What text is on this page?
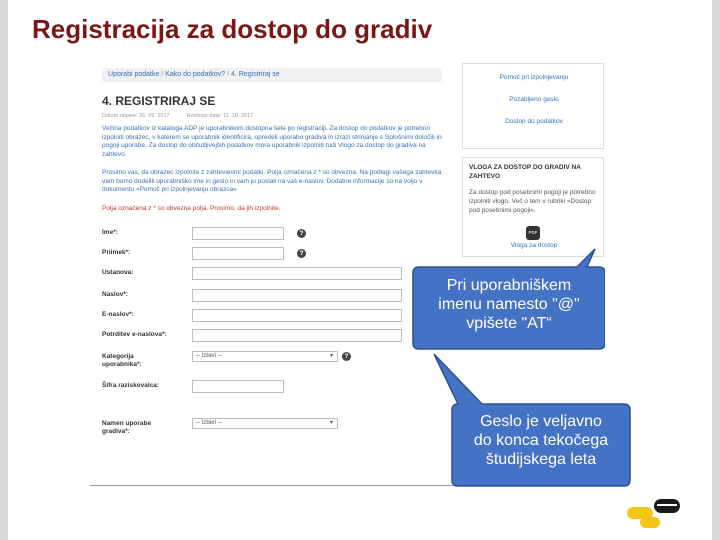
Registracija za dostop do gradiv
Uporabi podatke / Kako do podatkov? / 4. Registriraj se
4. REGISTRIRAJ SE
Datum objave: 26. 09. 2017	Revision date: 11. 10. 2017

Večina podatkov iz kataloga ADP je uporabnikom dostopna šele po registraciji. Za dostop do podatkov je potrebno izpolniti obrazec, v katerem se uporabnik identificira, opredeli uporabo gradiva in izrazi strinjanje s Splošnimi določili in pogoji uporabe. Za dostop do občutljivejših podatkov mora uporabnik izpolniti tudi Vlogo za dostop do gradiva na zahtevo.

Prosimo vas, da obrazec izpolnite z zahtevanimi podatki. Polja označena z * so obvezna. Na podlagi vašega zahtevka vam bomo dodelili uporabniško ime in geslo in vam ju poslali na vaš e-naslov. Dodatne informacije so na voljo v dokumentu »Pomoč pri izpolnjevanju obrazca«

Polja označena z * so obvezna polja. Prosimo, da jih izpolnite.
Ime*:	?
Priimek*:	?
Ustanova:
Naslov*:
E-naslov*:
Potrditev e-naslova*:
Kategorija uporabnika*:
-- Izberi --	▾	?
Šifra raziskovalca:
Namen uporabe gradiva*:
-- Izberi --	▾
Pomoč pri izpolnjevanju
Pozabljeno geslo
Dostop do podatkov
VLOGA ZA DOSTOP DO GRADIV NA ZAHTEVO

Za dostop pod posebnimi pogoji je potrebno izpolniti vlogo. Več o tem v rubriki »Dostop pod posebnimi pogoji«.

PDF
Vloga za dostop
Pri uporabniškem
imenu namesto "@"
vpišete "AT“
Geslo je veljavno
do konca tekočega
študijskega leta
